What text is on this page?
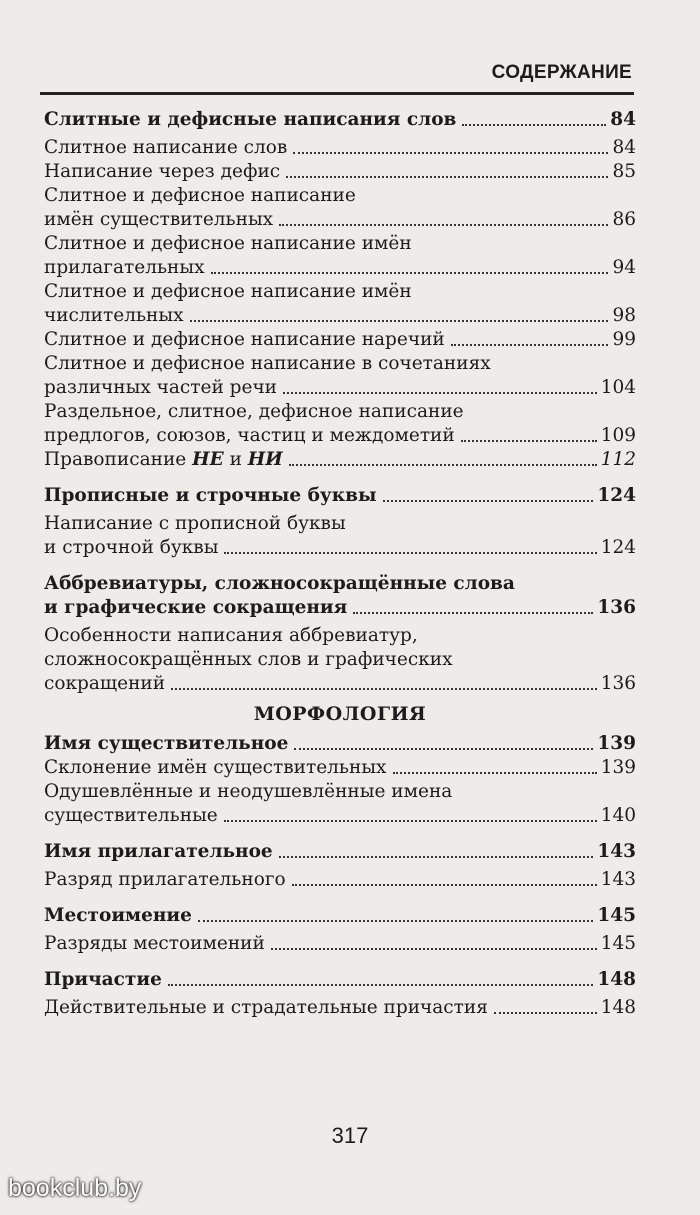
СОДЕРЖАНИЕ
Слитные и дефисные написания слов	84
Слитное написание слов	84
Написание через дефис	85
Слитное и дефисное написание
имён существительных	86
Слитное и дефисное написание имён
прилагательных	94
Слитное и дефисное написание имён
числительных	98
Слитное и дефисное написание наречий	99
Слитное и дефисное написание в сочетаниях
различных частей речи	104
Раздельное, слитное, дефисное написание
предлогов, союзов, частиц и междометий	109
Правописание НЕ и НИ	112
Прописные и строчные буквы	124
Написание с прописной буквы
и строчной буквы	124
Аббревиатуры, сложносокращённые слова
и графические сокращения	136
Особенности написания аббревиатур,
сложносокращённых слов и графических
сокращений	136
МОРФОЛОГИЯ
Имя существительное	139
Склонение имён существительных	139
Одушевлённые и неодушевлённые имена
существительные	140
Имя прилагательное	143
Разряд прилагательного	143
Местоимение	145
Разряды местоимений	145
Причастие	148
Действительные и страдательные причастия	148
317
bookclub.by
